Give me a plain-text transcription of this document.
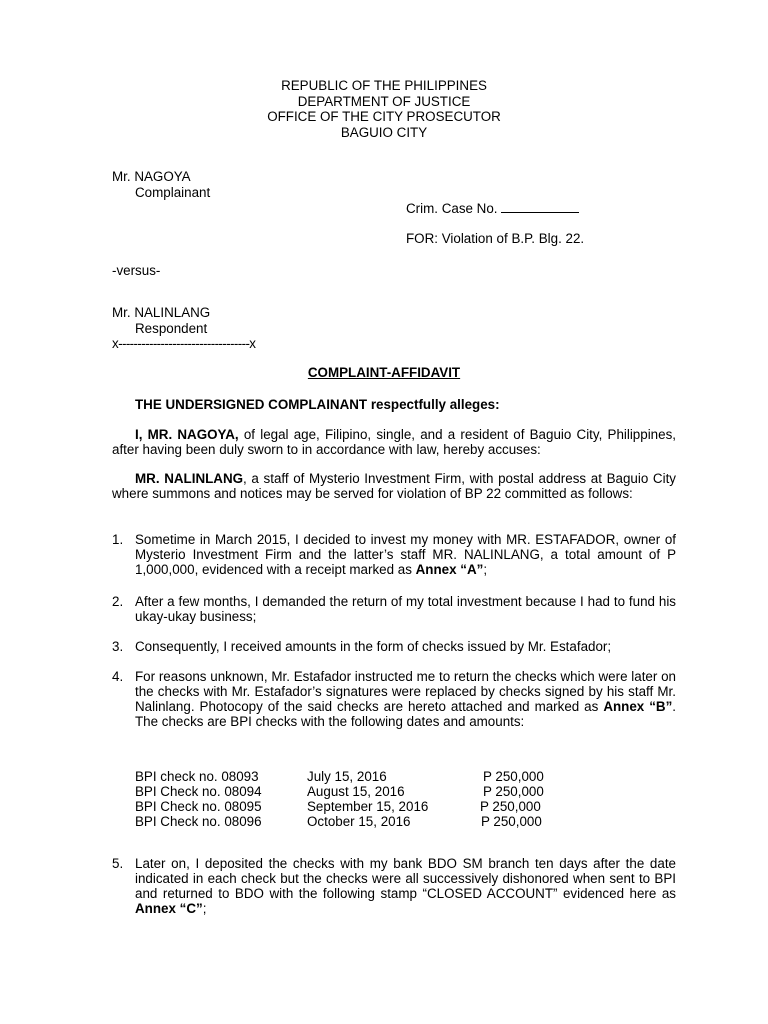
REPUBLIC OF THE PHILIPPINES
DEPARTMENT OF JUSTICE
OFFICE OF THE CITY PROSECUTOR
BAGUIO CITY
Mr. NAGOYA
Complainant
Crim. Case No.
FOR: Violation of B.P. Blg. 22.
-versus-
Mr. NALINLANG
Respondent
x----------------------------------x
COMPLAINT-AFFIDAVIT
THE UNDERSIGNED COMPLAINANT respectfully alleges:
I, MR. NAGOYA, of legal age, Filipino, single, and a resident of Baguio City, Philippines, after having been duly sworn to in accordance with law, hereby accuses:
MR. NALINLANG, a staff of Mysterio Investment Firm, with postal address at Baguio City where summons and notices may be served for violation of BP 22 committed as follows:
1. Sometime in March 2015, I decided to invest my money with MR. ESTAFADOR, owner of Mysterio Investment Firm and the latter’s staff MR. NALINLANG, a total amount of P 1,000,000, evidenced with a receipt marked as Annex “A”;
2. After a few months, I demanded the return of my total investment because I had to fund his ukay-ukay business;
3. Consequently, I received amounts in the form of checks issued by Mr. Estafador;
4. For reasons unknown, Mr. Estafador instructed me to return the checks which were later on the checks with Mr. Estafador’s signatures were replaced by checks signed by his staff Mr. Nalinlang. Photocopy of the said checks are hereto attached and marked as Annex “B”. The checks are BPI checks with the following dates and amounts:
BPI check no. 08093	July 15, 2016	P 250,000
BPI Check no. 08094	August 15, 2016	P 250,000
BPI Check no. 08095	September 15, 2016	P 250,000
BPI Check no. 08096	October 15, 2016	P 250,000
5. Later on, I deposited the checks with my bank BDO SM branch ten days after the date indicated in each check but the checks were all successively dishonored when sent to BPI and returned to BDO with the following stamp “CLOSED ACCOUNT” evidenced here as Annex “C”;
